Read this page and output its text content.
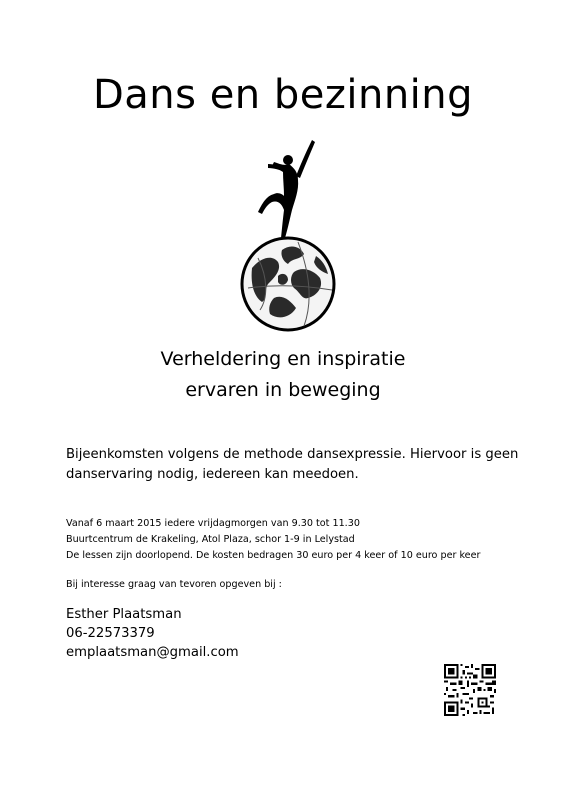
Dans en bezinning
Verheldering en inspiratie
ervaren in beweging

Bijeenkomsten volgens de methode dansexpressie. Hiervoor is geen danservaring nodig, iedereen kan meedoen.

Vanaf 6 maart 2015 iedere vrijdagmorgen van 9.30 tot 11.30
Buurtcentrum de Krakeling, Atol Plaza, schor 1-9 in Lelystad
De lessen zijn doorlopend. De kosten bedragen 30 euro per 4 keer of 10 euro per keer

Bij interesse graag van tevoren opgeven bij :

Esther Plaatsman
06-22573379
emplaatsman@gmail.com
